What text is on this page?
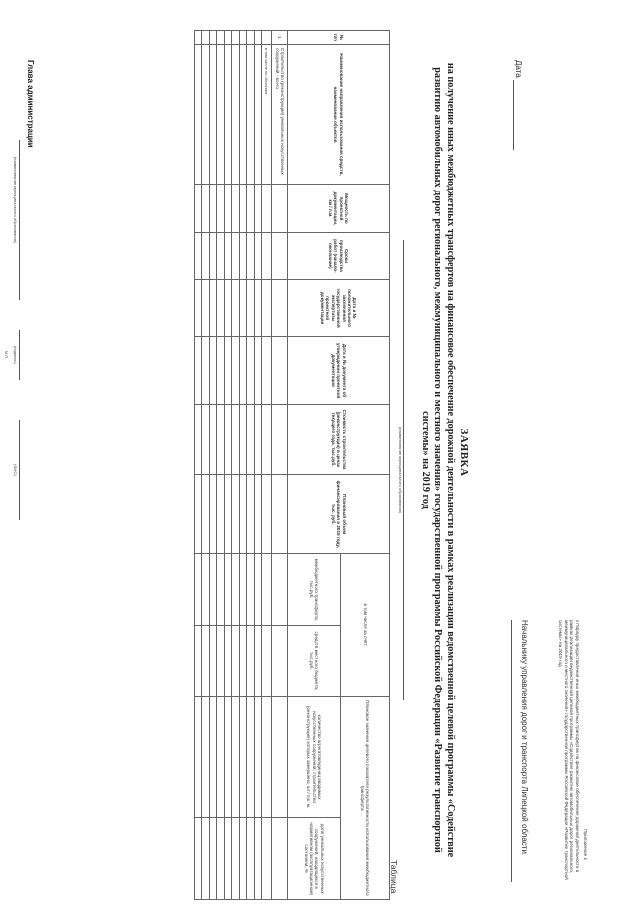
Приложение 1
к Порядку предоставления иных межбюджетных трансфертов на финансовое обеспечение дорожной деятельности в рамках реализации ведомственной целевой программы «Содействие развитию автомобильных дорог регионального, межмуниципального и местного значения» государственной программы Российской Федерации «Развитие транспортной системы» на 2019 год
Начальнику управления дорог и транспорта Липецкой области
Дата
ЗАЯВКА
на получение иных межбюджетных трансфертов на финансовое обеспечение дорожной деятельности в рамках реализации ведомственной целевой программы «Содействие развитию автомобильных дорог регионального, межмуниципального и местного значения» государственной программы Российской Федерации «Развитие транспортной системы» на 2019 год
(наименование муниципального образования)
Таблица
№ п/п	Наименование направления использования средств, наименование объектов	Мощность по проектной документации, км / п.м.	Сроки производства работ (начало-окончание)	Дата и № положительного заключения государственной экспертизы проектной документации	Дата и № документа об утверждении проектной документации	Стоимость строительства (реконструкции) в ценах текущего года, тыс.руб.	Плановый объем финансирования в 2019 году, тыс. руб.	в том числе за счёт:		Плановое значение целевого показателя результативности использования межбюджетного трансферта	
								межбюджетного трансферта, тыс.руб.	средств местного бюджета, тыс.руб.	количество агрегатов/единиц вводимых искусственных сооружений; строительство (реконструкция) которых завершено, шт./ пог. м.	доля уникальных искусственных сооружений, находящихся в нормативном (эксплуатационном) состоянии, %
1	Строительство (реконструкция) уникальных искусственных сооружений - всего										
	в том числе по объектам:										

Глава администрации
(наименование муниципального образования)
(подпись)
(ФИО)
М.П.
